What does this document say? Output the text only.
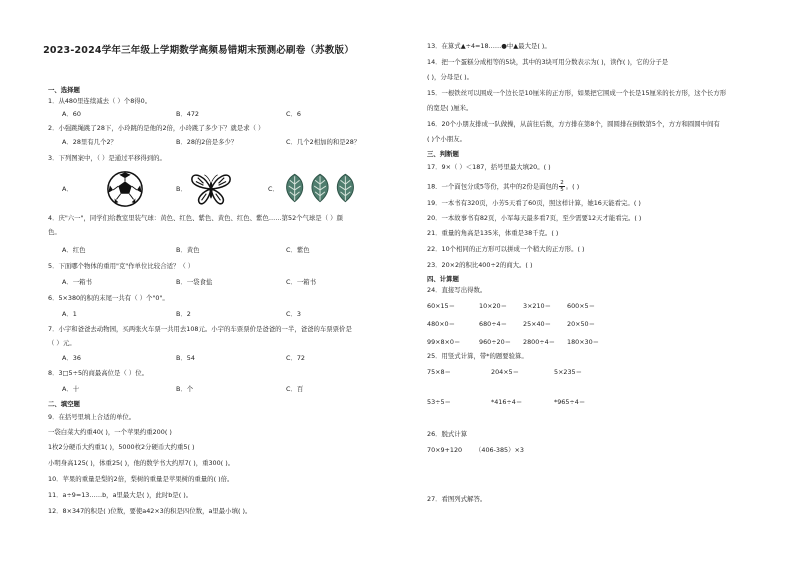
2023-2024学年三年级上学期数学高频易错期末预测必刷卷（苏教版）
一、选择题
1．从480里连续减去（ ）个8得0。
A．60	B．472	C．6
2．小强跳绳跳了28下，小玲跳的是他的2倍，小玲跳了多少下？就是求（ ）
A．28里有几个2？	B．28的2倍是多少？	C．几个2相加的和是28？
3．下列图案中，（ ）是通过平移得到的。
A．	B．	C．
4．庆"六一"，同学们给教室里装气球：黄色、红色、紫色、黄色、红色、紫色……第52个气球是（ ）颜
色。
A．红色	B．黄色	C．紫色
5．下面哪个物体的重用"克"作单位比较合适？（ ）
A．一箱书	B．一袋食盐	C．一箱书
6．5×380的积的末尾一共有（ ）个"0"。
A．1	B．2	C．3
7．小宇和爸爸去动物园，买两张火车票一共用去108元。小宇的车票票价是爸爸的一半，爸爸的车票票价是
（ ）元。
A．36	B．54	C．72
8．3□5÷5的商最高位是（ ）位。
A．十	B．个	C．百
二、填空题
9．在括号里填上合适的单位。
一袋白菜大约重40( )，一个苹果约重200( )
1枚2分硬币大约重1( )，5000枚2分硬币大约重5( )
小明身高125( )，体重25( )，他的数学书大约厚7( )，重300( )。
10．苹果的重量是梨的2倍，梨树的重量是苹果树的重量的( )倍。
11．a÷9=13……b，a里最大是( )，此时b是( )。
12．8×347的积是( )位数，要使a42×3的积是四位数，a里最小填( )。
13．在算式▲÷4=18……●中▲最大是( )。
14．把一个蛋糕分成相等的5块，其中的3块可用分数表示为( )，读作( )，它的分子是
( )，分母是( )。
15．一根铁丝可以围成一个边长是10厘米的正方形，如果把它围成一个长是15厘米的长方形，这个长方形
的宽是( )厘米。
16．20个小朋友排成一队做操，从前往后数，方方排在第8个，圆圆排在倒数第5个，方方和圆圆中间有
( )个小朋友。
三、判断题
17．9×（ ）＜187，括号里最大填20。( )
18．一个面包分成5等份，其中的2份是面包的 $\frac{2}{5}$ 。( )
19．一本书有320页，小芳5天看了60页，照这样计算，她16天能看完。( )
20．一本故事书有82页，小军每天最多看7页，至少需要12天才能看完。( )
21．重量的角高是135米，体重是38千克。( )
22．10个相同的正方形可以拼成一个稍大的正方形。( )
23．20×2的积比400÷2的商大。( )
四、计算题
24．直接写出得数。
60×15＝	10×20＝ 3×210＝ 600×5＝
480×0＝	680÷4＝ 25×40＝ 20×50＝
99×8×0＝	960÷20＝ 2800÷4＝ 180×30＝
25．用竖式计算，带*的题要验算。
75×8＝	204×5＝	5×235＝
53÷5＝	*416÷4＝	*965÷4＝
26．脱式计算
70×9+120 （406-385）×3
27．看图列式解答。
